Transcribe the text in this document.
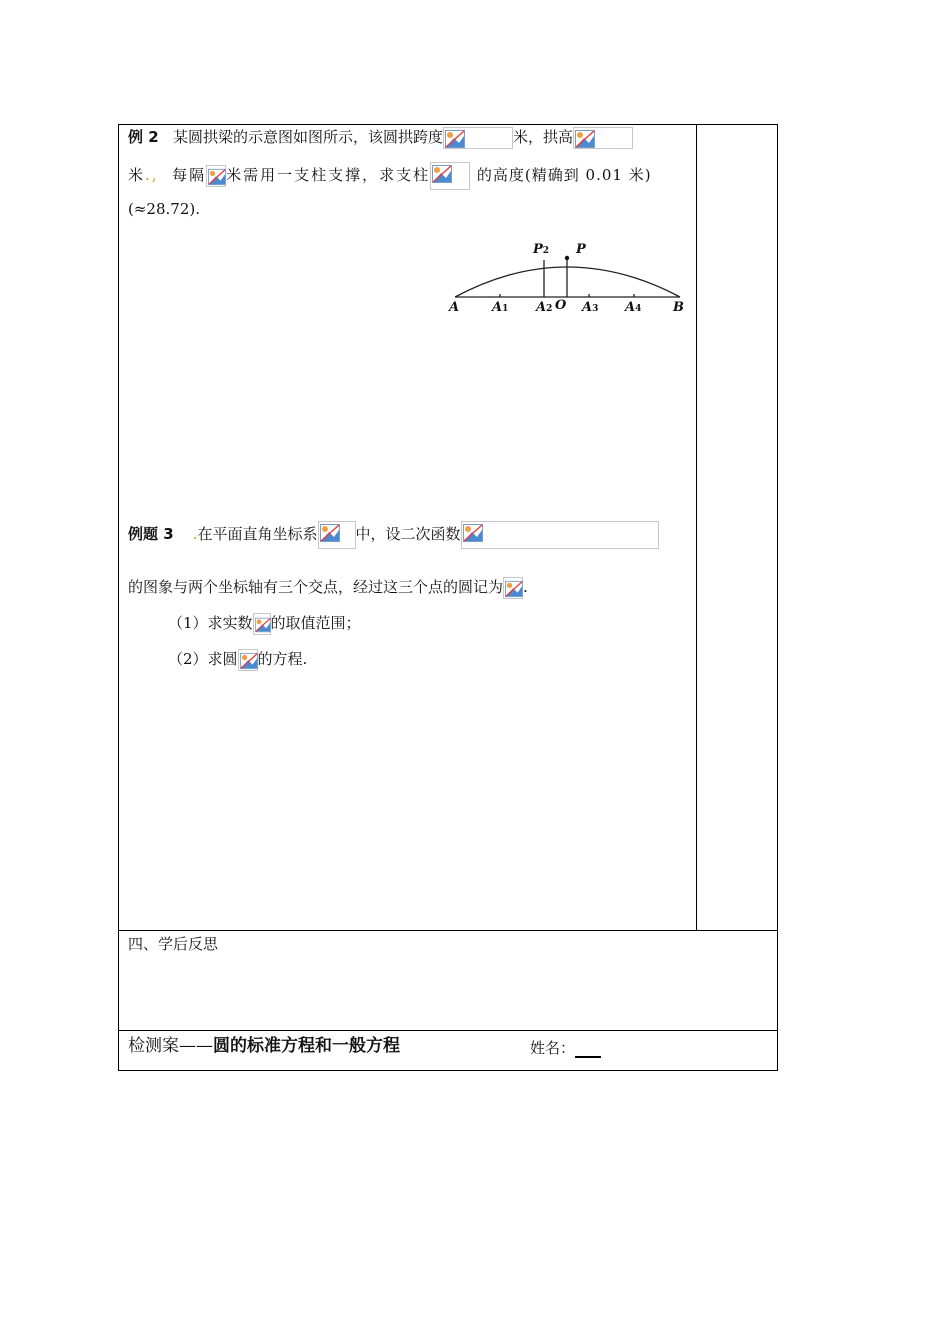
例 2 某圆拱梁的示意图如图所示，该圆拱跨度	米，拱高
米., 每隔 米需用一支柱支撑，求支柱	的高度(精确到 0.01 米)
(≈28.72).
A	A1 A2 O A3 A4 B
P2 P
例题 3 .在平面直角坐标系	中，设二次函数
的图象与两个坐标轴有三个交点，经过这三个点的圆记为 .
（1）求实数 的取值范围；
（2）求圆 的方程.
四、学后反思
检测案——圆的标准方程和一般方程	姓名：
